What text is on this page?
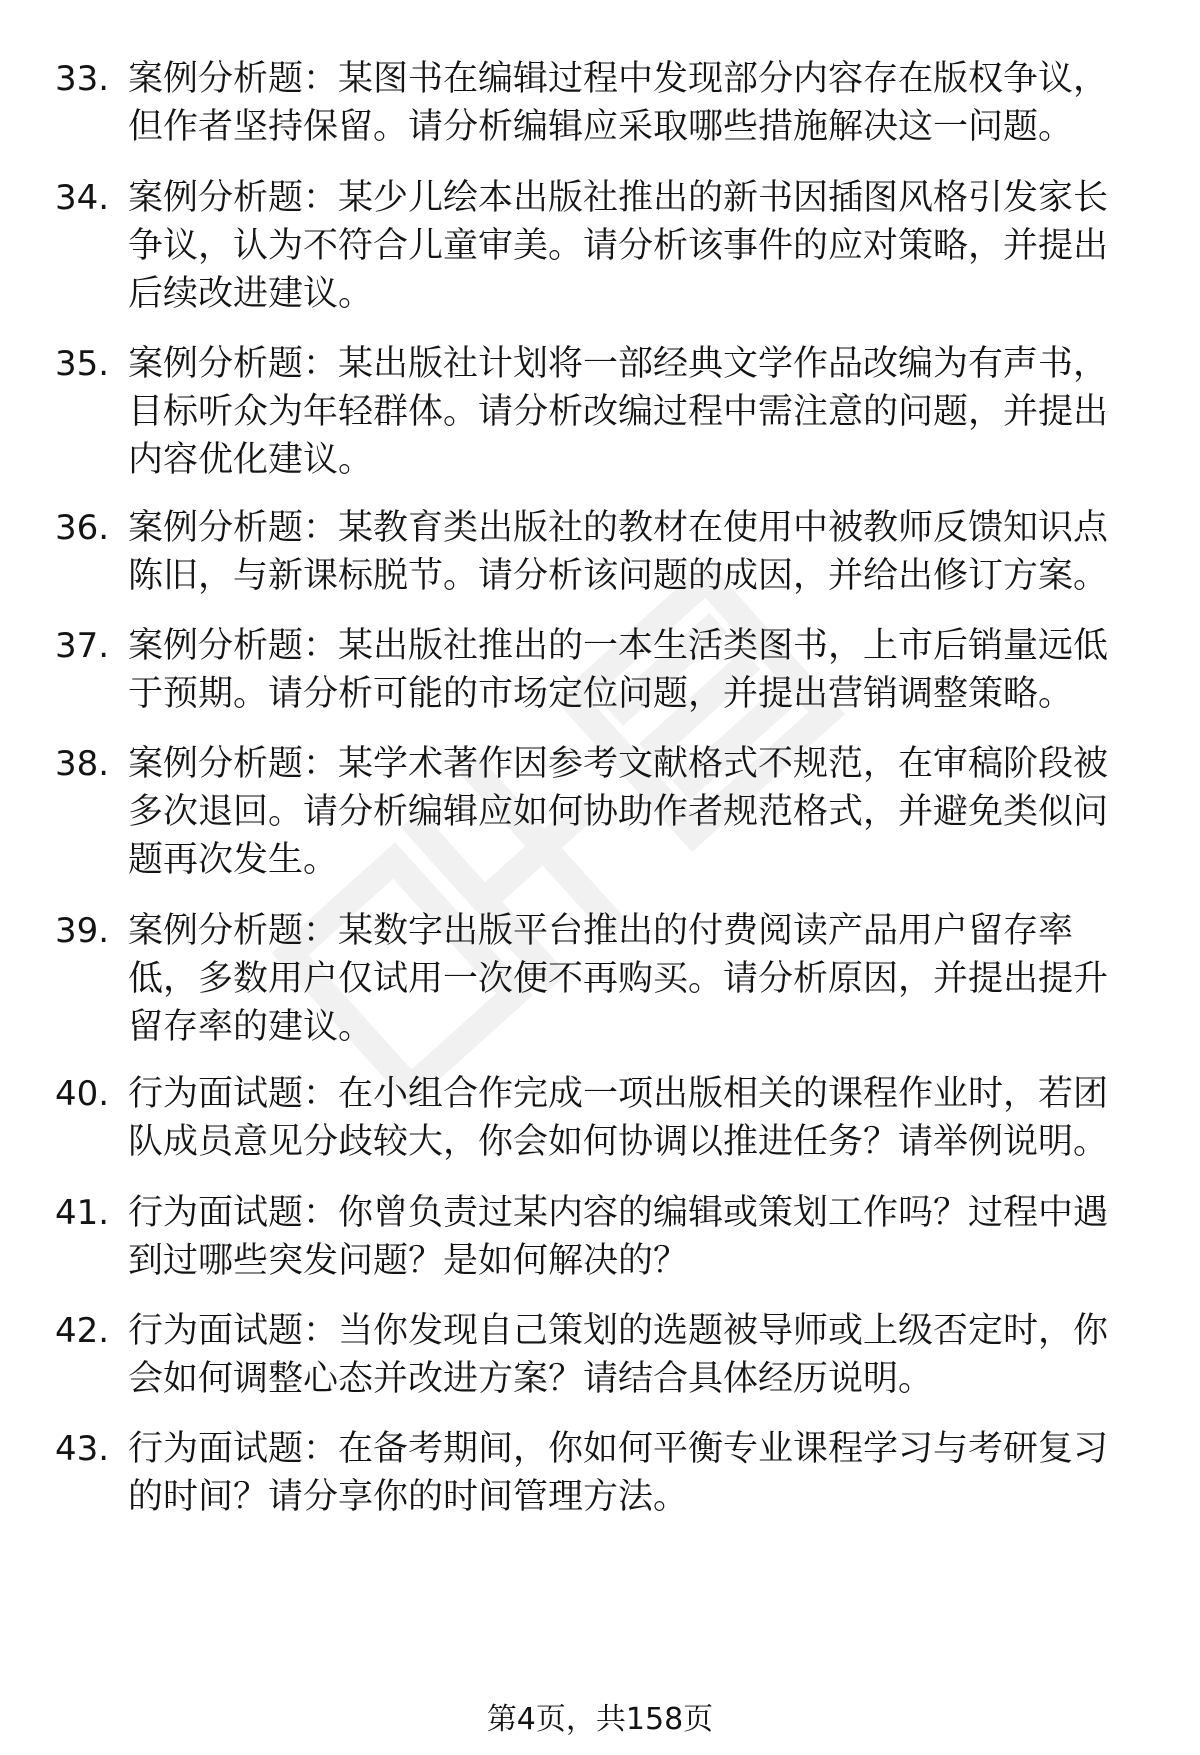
33. 案例分析题：某图书在编辑过程中发现部分内容存在版权争议，
但作者坚持保留。请分析编辑应采取哪些措施解决这一问题。
34. 案例分析题：某少儿绘本出版社推出的新书因插图风格引发家长
争议，认为不符合儿童审美。请分析该事件的应对策略，并提出
后续改进建议。
35. 案例分析题：某出版社计划将一部经典文学作品改编为有声书，
目标听众为年轻群体。请分析改编过程中需注意的问题，并提出
内容优化建议。
36. 案例分析题：某教育类出版社的教材在使用中被教师反馈知识点
陈旧，与新课标脱节。请分析该问题的成因，并给出修订方案。
37. 案例分析题：某出版社推出的一本生活类图书，上市后销量远低
于预期。请分析可能的市场定位问题，并提出营销调整策略。
38. 案例分析题：某学术著作因参考文献格式不规范，在审稿阶段被
多次退回。请分析编辑应如何协助作者规范格式，并避免类似问
题再次发生。
39. 案例分析题：某数字出版平台推出的付费阅读产品用户留存率
低，多数用户仅试用一次便不再购买。请分析原因，并提出提升
留存率的建议。
40. 行为面试题：在小组合作完成一项出版相关的课程作业时，若团
队成员意见分歧较大，你会如何协调以推进任务？请举例说明。
41. 行为面试题：你曾负责过某内容的编辑或策划工作吗？过程中遇
到过哪些突发问题？是如何解决的？
42. 行为面试题：当你发现自己策划的选题被导师或上级否定时，你
会如何调整心态并改进方案？请结合具体经历说明。
43. 行为面试题：在备考期间，你如何平衡专业课程学习与考研复习
的时间？请分享你的时间管理方法。
第4页，共158页
